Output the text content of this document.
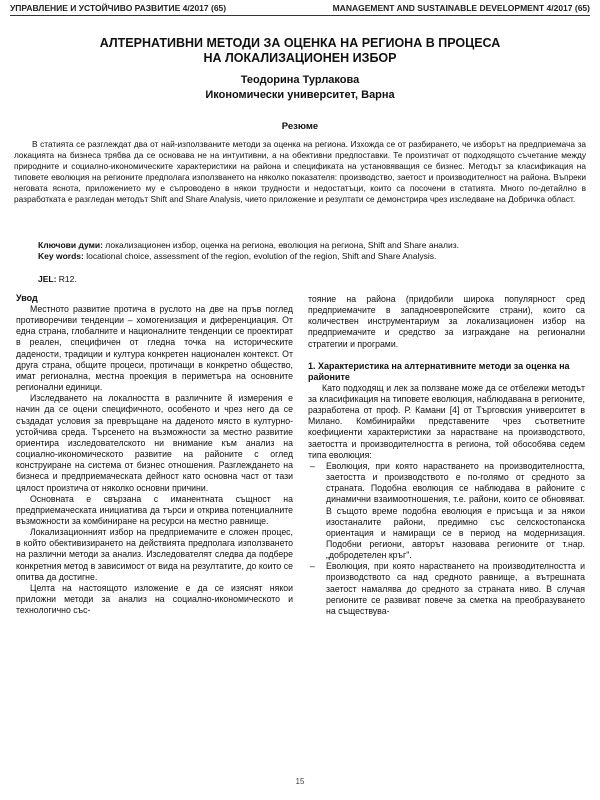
УПРАВЛЕНИЕ И УСТОЙЧИВО РАЗВИТИЕ 4/2017 (65)	MANAGEMENT AND SUSTAINABLE DEVELOPMENT 4/2017 (65)
АЛТЕРНАТИВНИ МЕТОДИ ЗА ОЦЕНКА НА РЕГИОНА В ПРОЦЕСА
НА ЛОКАЛИЗАЦИОНЕН ИЗБОР
Теодорина Турлакова
Икономически университет, Варна
Резюме

В статията се разглеждат два от най-използваните методи за оценка на региона. Изхожда се от разбирането, че изборът на предприемача за локацията на бизнеса трябва да се основава не на интуитивни, а на обективни предпоставки. Те произтичат от подходящото съчетание между природните и социално-икономическите характеристики на района и спецификата на установяващия се бизнес. Методът за класификация на типовете еволюция на регионите предполага използването на няколко показателя: производство, заетост и производителност на района. Въпреки неговата яснота, приложението му е съпроводено в някои трудности и недостатъци, които са посочени в статията. Много по-детайлно в разработката е разгледан методът Shift and Share Analysis, чието приложение и резултати се демонстрира чрез изследване на Добричка област.

Ключови думи: локализационен избор, оценка на региона, еволюция на региона, Shift and Share анализ.
Key words: locational choice, assessment of the region, evolution of the region, Shift and Share Analysis.
JEL: R12.
Увод

Местното развитие протича в руслото на две на пръв поглед противоречиви тенденции – хомогенизация и диференциация. От една страна, глобалните и националните тенденции се проектират в реален, специфичен от гледна точка на историческите дадености, традиции и култура конкретен национален контекст. От друга страна, общите процеси, протичащи в конкретно общество, имат регионална, местна проекция в периметъра на основните регионални единици.

Изследването на локалността в различните й измерения е начин да се оцени специфичното, особеното и чрез него да се създадат условия за превръщане на даденото място в културно-устойчива среда. Търсенето на възможности за местно развитие ориентира изследователското ни внимание към анализ на социално-икономическото развитие на районите с оглед конструиране на система от бизнес отношения. Разглеждането на бизнеса и предприемаческата дейност като основна част от тази цялост произтича от няколко основни причини.

Основната е свързана с иманентната същност на предприемаческата инициатива да търси и открива потенциалните възможности за комбиниране на ресурси на местно равнище.

Локализационният избор на предприемачите е сложен процес, в който обективизирането на действията предполага използването на различни методи за анализ. Изследователят следва да подбере конкретния метод в зависимост от вида на резултатите, до които се опитва да достигне.

Целта на настоящото изложение е да се изяснят някои приложни методи за анализ на социално-икономическото и технологично със-

тояние на района (придобили широка популярност сред предприемачите в западноевропейските страни), които са количествен инструментариум за локализационен избор на предприемачите и средство за изграждане на регионални стратегии и програми.

1. Характеристика на алтернативните методи за оценка на районите

Като подходящ и лек за ползване може да се отбележи методът за класификация на типовете еволюция, наблюдавана в регионите, разработена от проф. Р. Камани [4] от Търговския университет в Милано. Комбинирайки представените чрез съответните коефициенти характеристики за нарастване на производството, заетостта и производителността в региона, той обособява седем типа еволюция:

– Еволюция, при която нарастването на производителността, заетостта и производството е по-голямо от средното за страната. Подобна еволюция се наблюдава в районите с динамични взаимоотношения, т.е. райони, които се обновяват. В същото време подобна еволюция е присъща и за някои изостаналите райони, предимно със селскостопанска ориентация и намиращи се в период на модернизация. Подобни региони, авторът назовава регионите от т.нар. „добродетелен кръг".
– Еволюция, при която нарастването на производителността и производството са над средното равнище, а вътрешната заетост намалява до средното за страната ниво. В случая регионите се развиват повече за сметка на преобразуването на съществува-
15
